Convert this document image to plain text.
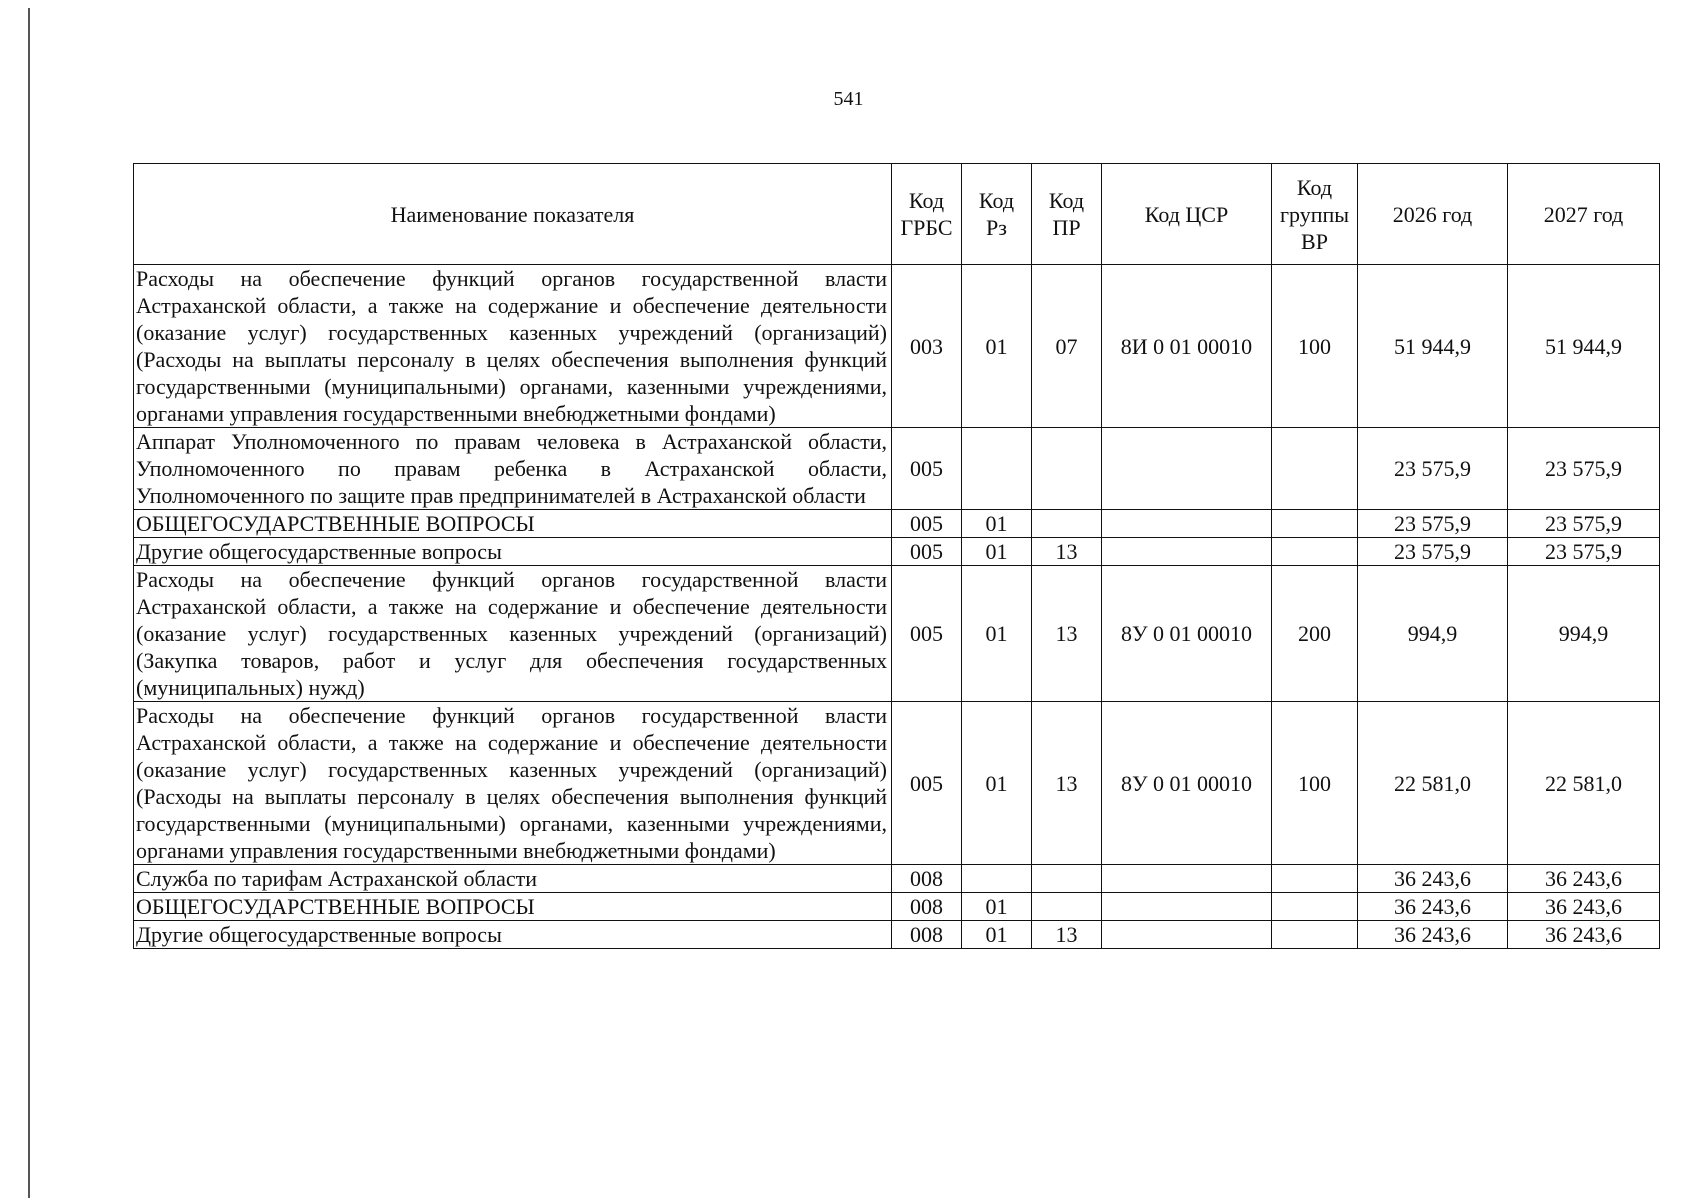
541
Наименование показателя	Код ГРБС	Код Рз	Код ПР	Код ЦСР	Код группы ВР	2026 год	2027 год
Расходы на обеспечение функций органов государственной власти Астраханской области, а также на содержание и обеспечение деятельности (оказание услуг) государственных казенных учреждений (организаций) (Расходы на выплаты персоналу в целях обеспечения выполнения функций государственными (муниципальными) органами, казенными учреждениями, органами управления государственными внебюджетными фондами)	003	01	07	8И 0 01 00010	100	51 944,9	51 944,9
Аппарат Уполномоченного по правам человека в Астраханской области, Уполномоченного по правам ребенка в Астраханской области, Уполномоченного по защите прав предпринимателей в Астраханской области	005					23 575,9	23 575,9
ОБЩЕГОСУДАРСТВЕННЫЕ ВОПРОСЫ	005	01				23 575,9	23 575,9
Другие общегосударственные вопросы	005	01	13			23 575,9	23 575,9
Расходы на обеспечение функций органов государственной власти Астраханской области, а также на содержание и обеспечение деятельности (оказание услуг) государственных казенных учреждений (организаций) (Закупка товаров, работ и услуг для обеспечения государственных (муниципальных) нужд)	005	01	13	8У 0 01 00010	200	994,9	994,9
Расходы на обеспечение функций органов государственной власти Астраханской области, а также на содержание и обеспечение деятельности (оказание услуг) государственных казенных учреждений (организаций) (Расходы на выплаты персоналу в целях обеспечения выполнения функций государственными (муниципальными) органами, казенными учреждениями, органами управления государственными внебюджетными фондами)	005	01	13	8У 0 01 00010	100	22 581,0	22 581,0
Служба по тарифам Астраханской области	008					36 243,6	36 243,6
ОБЩЕГОСУДАРСТВЕННЫЕ ВОПРОСЫ	008	01				36 243,6	36 243,6
Другие общегосударственные вопросы	008	01	13			36 243,6	36 243,6
